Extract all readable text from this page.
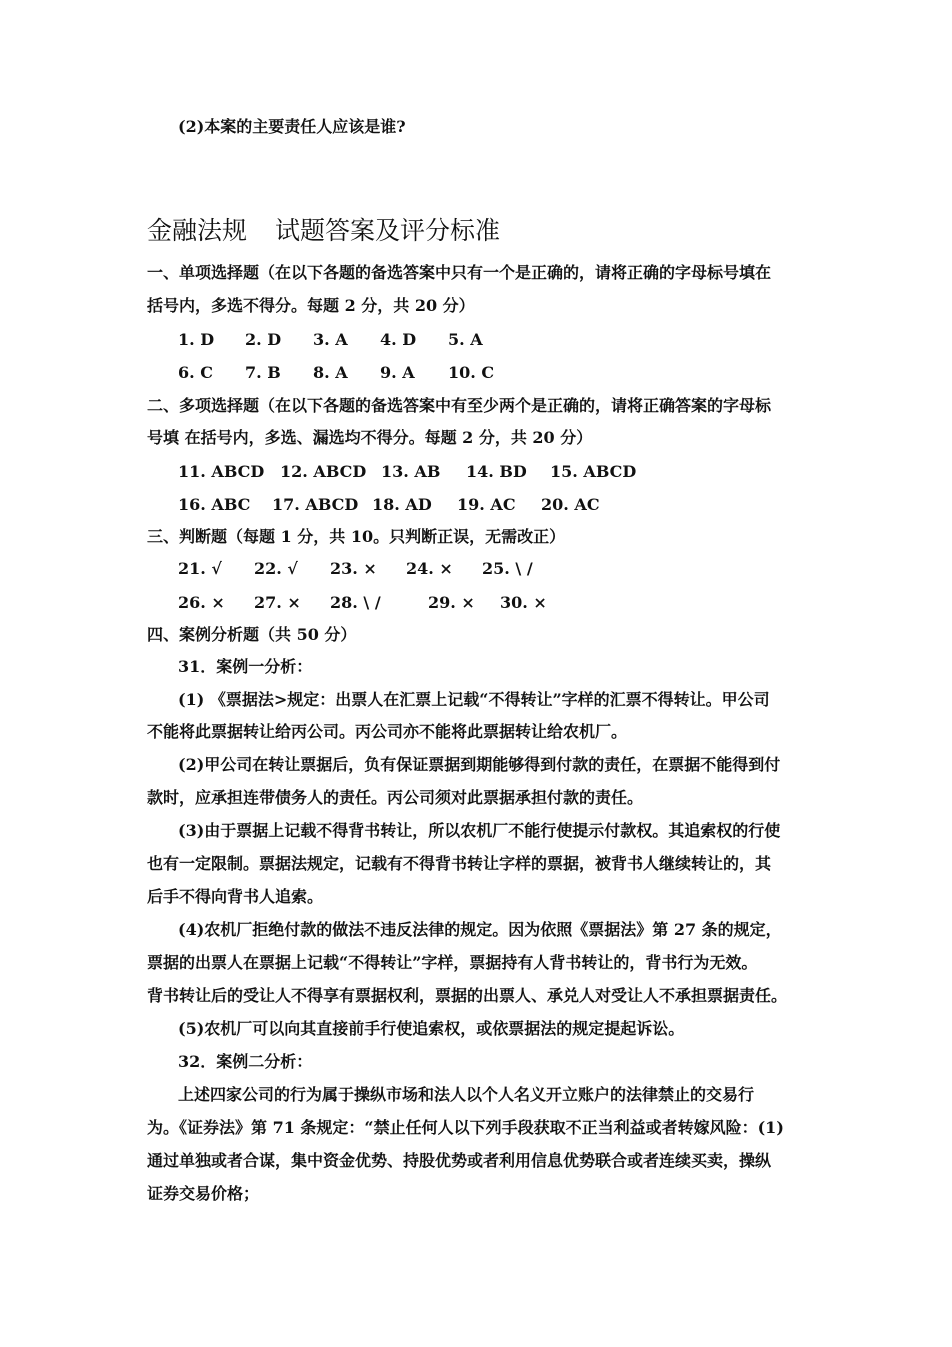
(2)本案的主要责任人应该是谁?
金融法规 试题答案及评分标准
一、单项选择题（在以下各题的备选答案中只有一个是正确的，请将正确的字母标号填在
括号内，多选不得分。每题 2 分，共 20 分）
1. D 2. D 3. A 4. D 5. A
6. C 7. B 8. A 9. A 10. C
二、多项选择题（在以下各题的备选答案中有至少两个是正确的，请将正确答案的字母标
号填 在括号内，多选、漏选均不得分。每题 2 分，共 20 分）
11. ABCD 12. ABCD 13. AB 14. BD 15. ABCD
16. ABC 17. ABCD 18. AD 19. AC 20. AC
三、判断题（每题 1 分，共 10。只判断正误，无需改正）
21. √ 22. √ 23. × 24. × 25. \ /
26. × 27. × 28. \ /	29. × 30. ×
四、案例分析题（共 50 分）
31．案例一分析：
(1) 《票据法>规定：出票人在汇票上记载“不得转让”字样的汇票不得转让。甲公司
不能将此票据转让给丙公司。丙公司亦不能将此票据转让给农机厂。
(2)甲公司在转让票据后，负有保证票据到期能够得到付款的责任，在票据不能得到付
款时，应承担连带债务人的责任。丙公司须对此票据承担付款的责任。
(3)由于票据上记载不得背书转让，所以农机厂不能行使提示付款权。其追索权的行使
也有一定限制。票据法规定，记载有不得背书转让字样的票据，被背书人继续转让的，其
后手不得向背书人追索。
(4)农机厂拒绝付款的做法不违反法律的规定。因为依照《票据法》第 27 条的规定，
票据的出票人在票据上记载“不得转让”字样，票据持有人背书转让的，背书行为无效。
背书转让后的受让人不得享有票据权利，票据的出票人、承兑人对受让人不承担票据责任。
(5)农机厂可以向其直接前手行使追索权，或依票据法的规定提起诉讼。
32．案例二分析：
上述四家公司的行为属于操纵市场和法人以个人名义开立账户的法律禁止的交易行
为。《证券法》第 71 条规定：“禁止任何人以下列手段获取不正当利益或者转嫁风险：(1)
通过单独或者合谋，集中资金优势、持股优势或者利用信息优势联合或者连续买卖，操纵
证券交易价格；
